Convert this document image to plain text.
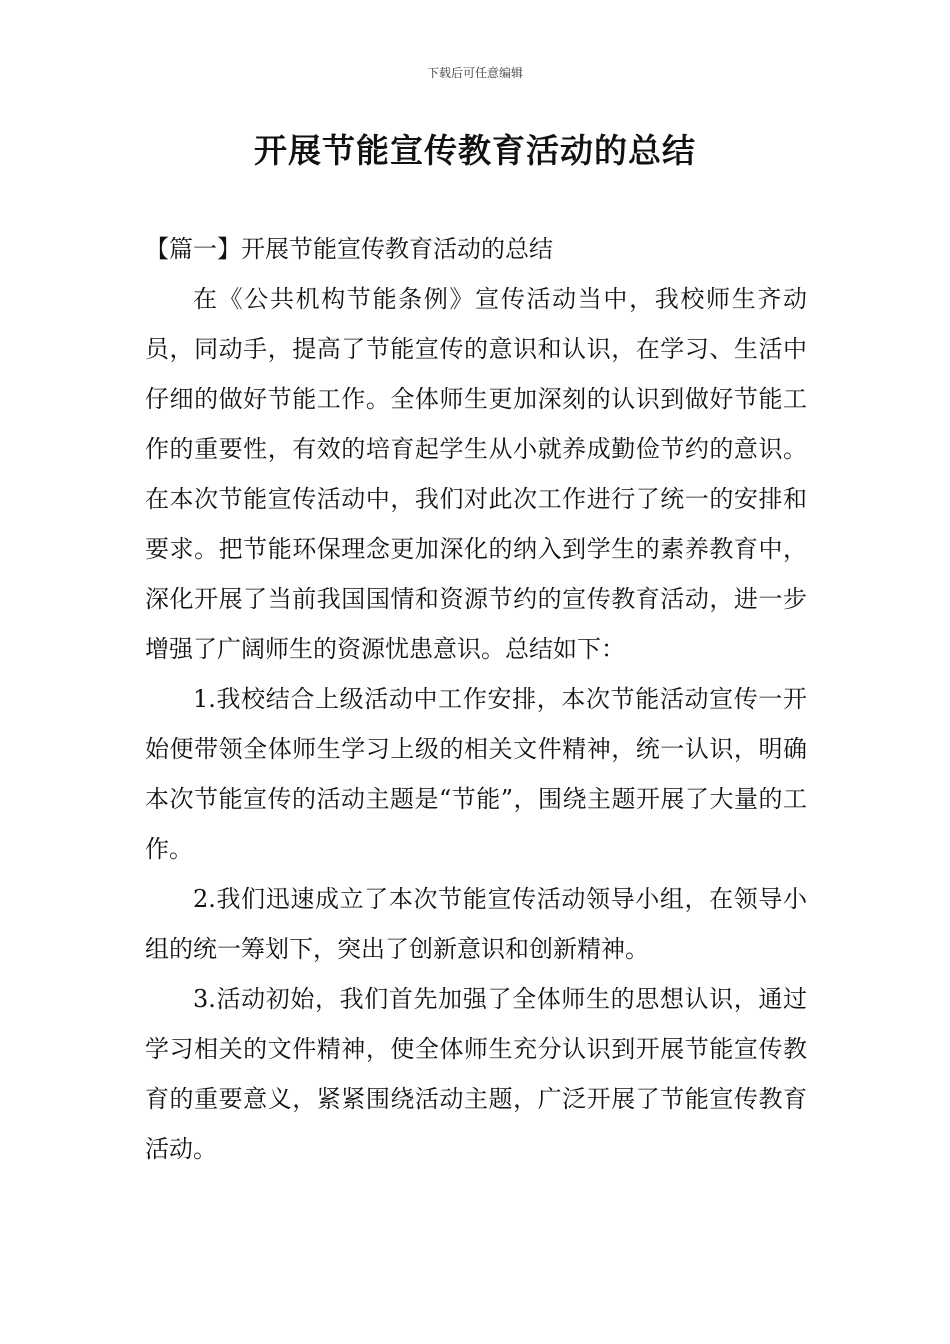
下载后可任意编辑
开展节能宣传教育活动的总结

【篇一】开展节能宣传教育活动的总结

在《公共机构节能条例》宣传活动当中，我校师生齐动员，同动手，提高了节能宣传的意识和认识，在学习、生活中仔细的做好节能工作。全体师生更加深刻的认识到做好节能工作的重要性，有效的培育起学生从小就养成勤俭节约的意识。在本次节能宣传活动中，我们对此次工作进行了统一的安排和要求。把节能环保理念更加深化的纳入到学生的素养教育中，深化开展了当前我国国情和资源节约的宣传教育活动，进一步增强了广阔师生的资源忧患意识。总结如下：

1.我校结合上级活动中工作安排，本次节能活动宣传一开始便带领全体师生学习上级的相关文件精神，统一认识，明确本次节能宣传的活动主题是“节能”，围绕主题开展了大量的工作。

2.我们迅速成立了本次节能宣传活动领导小组，在领导小组的统一筹划下，突出了创新意识和创新精神。

3.活动初始，我们首先加强了全体师生的思想认识，通过学习相关的文件精神，使全体师生充分认识到开展节能宣传教育的重要意义，紧紧围绕活动主题，广泛开展了节能宣传教育活动。
